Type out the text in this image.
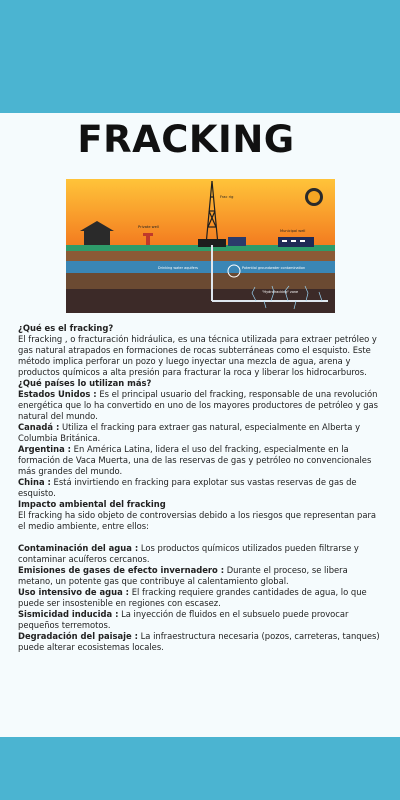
FRACKING
Private well
Frac rig
Municipal well
Drinking water aquifers	Potential groundwater contamination
"Hydrofracking" zone

¿Qué es el fracking?

El fracking , o fracturación hidráulica, es una técnica utilizada para extraer petróleo y gas natural atrapados en formaciones de rocas subterráneas como el esquisto. Este método implica perforar un pozo y luego inyectar una mezcla de agua, arena y productos químicos a alta presión para fracturar la roca y liberar los hidrocarburos.

¿Qué países lo utilizan más?

Estados Unidos : Es el principal usuario del fracking, responsable de una revolución energética que lo ha convertido en uno de los mayores productores de petróleo y gas natural del mundo.

Canadá : Utiliza el fracking para extraer gas natural, especialmente en Alberta y Columbia Británica.

Argentina : En América Latina, lidera el uso del fracking, especialmente en la formación de Vaca Muerta, una de las reservas de gas y petróleo no convencionales más grandes del mundo.

China : Está invirtiendo en fracking para explotar sus vastas reservas de gas de esquisto.

Impacto ambiental del fracking

El fracking ha sido objeto de controversias debido a los riesgos que representan para el medio ambiente, entre ellos:

Contaminación del agua : Los productos químicos utilizados pueden filtrarse y contaminar acuíferos cercanos.

Emisiones de gases de efecto invernadero : Durante el proceso, se libera metano, un potente gas que contribuye al calentamiento global.

Uso intensivo de agua : El fracking requiere grandes cantidades de agua, lo que puede ser insostenible en regiones con escasez.

Sismicidad inducida : La inyección de fluidos en el subsuelo puede provocar pequeños terremotos.

Degradación del paisaje : La infraestructura necesaria (pozos, carreteras, tanques) puede alterar ecosistemas locales.
